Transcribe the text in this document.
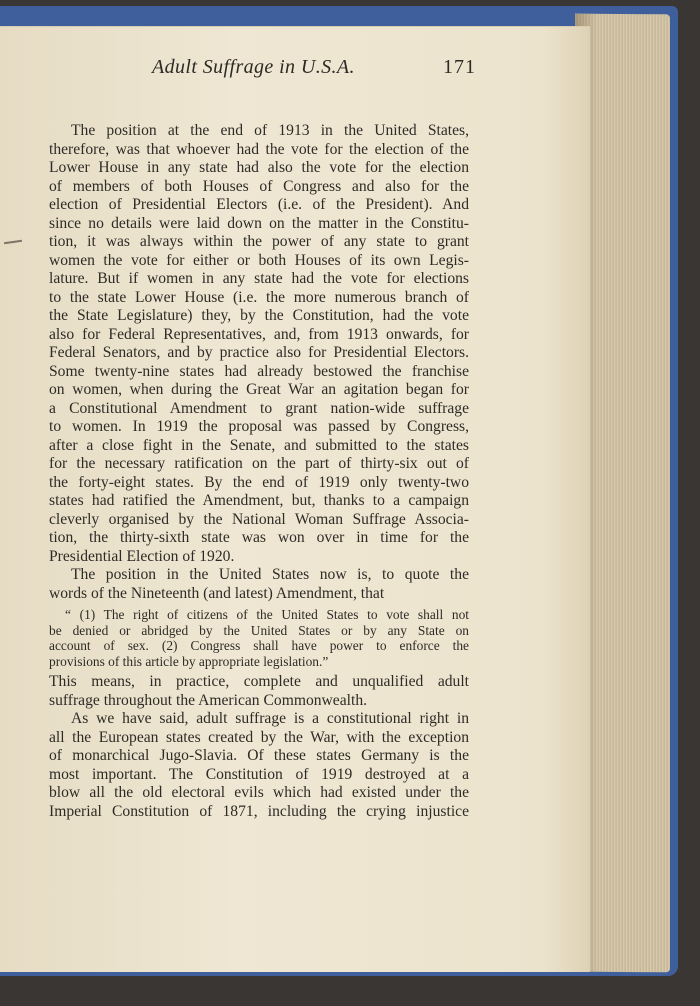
Adult Suffrage in U.S.A.	171
The position at the end of 1913 in the United States,
therefore, was that whoever had the vote for the election of the
Lower House in any state had also the vote for the election
of members of both Houses of Congress and also for the
election of Presidential Electors (i.e. of the President). And
since no details were laid down on the matter in the Constitu-
tion, it was always within the power of any state to grant
women the vote for either or both Houses of its own Legis-
lature. But if women in any state had the vote for elections
to the state Lower House (i.e. the more numerous branch of
the State Legislature) they, by the Constitution, had the vote
also for Federal Representatives, and, from 1913 onwards, for
Federal Senators, and by practice also for Presidential Electors.
Some twenty-nine states had already bestowed the franchise
on women, when during the Great War an agitation began for
a Constitutional Amendment to grant nation-wide suffrage
to women. In 1919 the proposal was passed by Congress,
after a close fight in the Senate, and submitted to the states
for the necessary ratification on the part of thirty-six out of
the forty-eight states. By the end of 1919 only twenty-two
states had ratified the Amendment, but, thanks to a campaign
cleverly organised by the National Woman Suffrage Associa-
tion, the thirty-sixth state was won over in time for the
Presidential Election of 1920.
The position in the United States now is, to quote the
words of the Nineteenth (and latest) Amendment, that
“ (1) The right of citizens of the United States to vote shall not
be denied or abridged by the United States or by any State on
account of sex. (2) Congress shall have power to enforce the
provisions of this article by appropriate legislation.”
This means, in practice, complete and unqualified adult
suffrage throughout the American Commonwealth.
As we have said, adult suffrage is a constitutional right in
all the European states created by the War, with the exception
of monarchical Jugo-Slavia. Of these states Germany is the
most important. The Constitution of 1919 destroyed at a
blow all the old electoral evils which had existed under the
Imperial Constitution of 1871, including the crying injustice
